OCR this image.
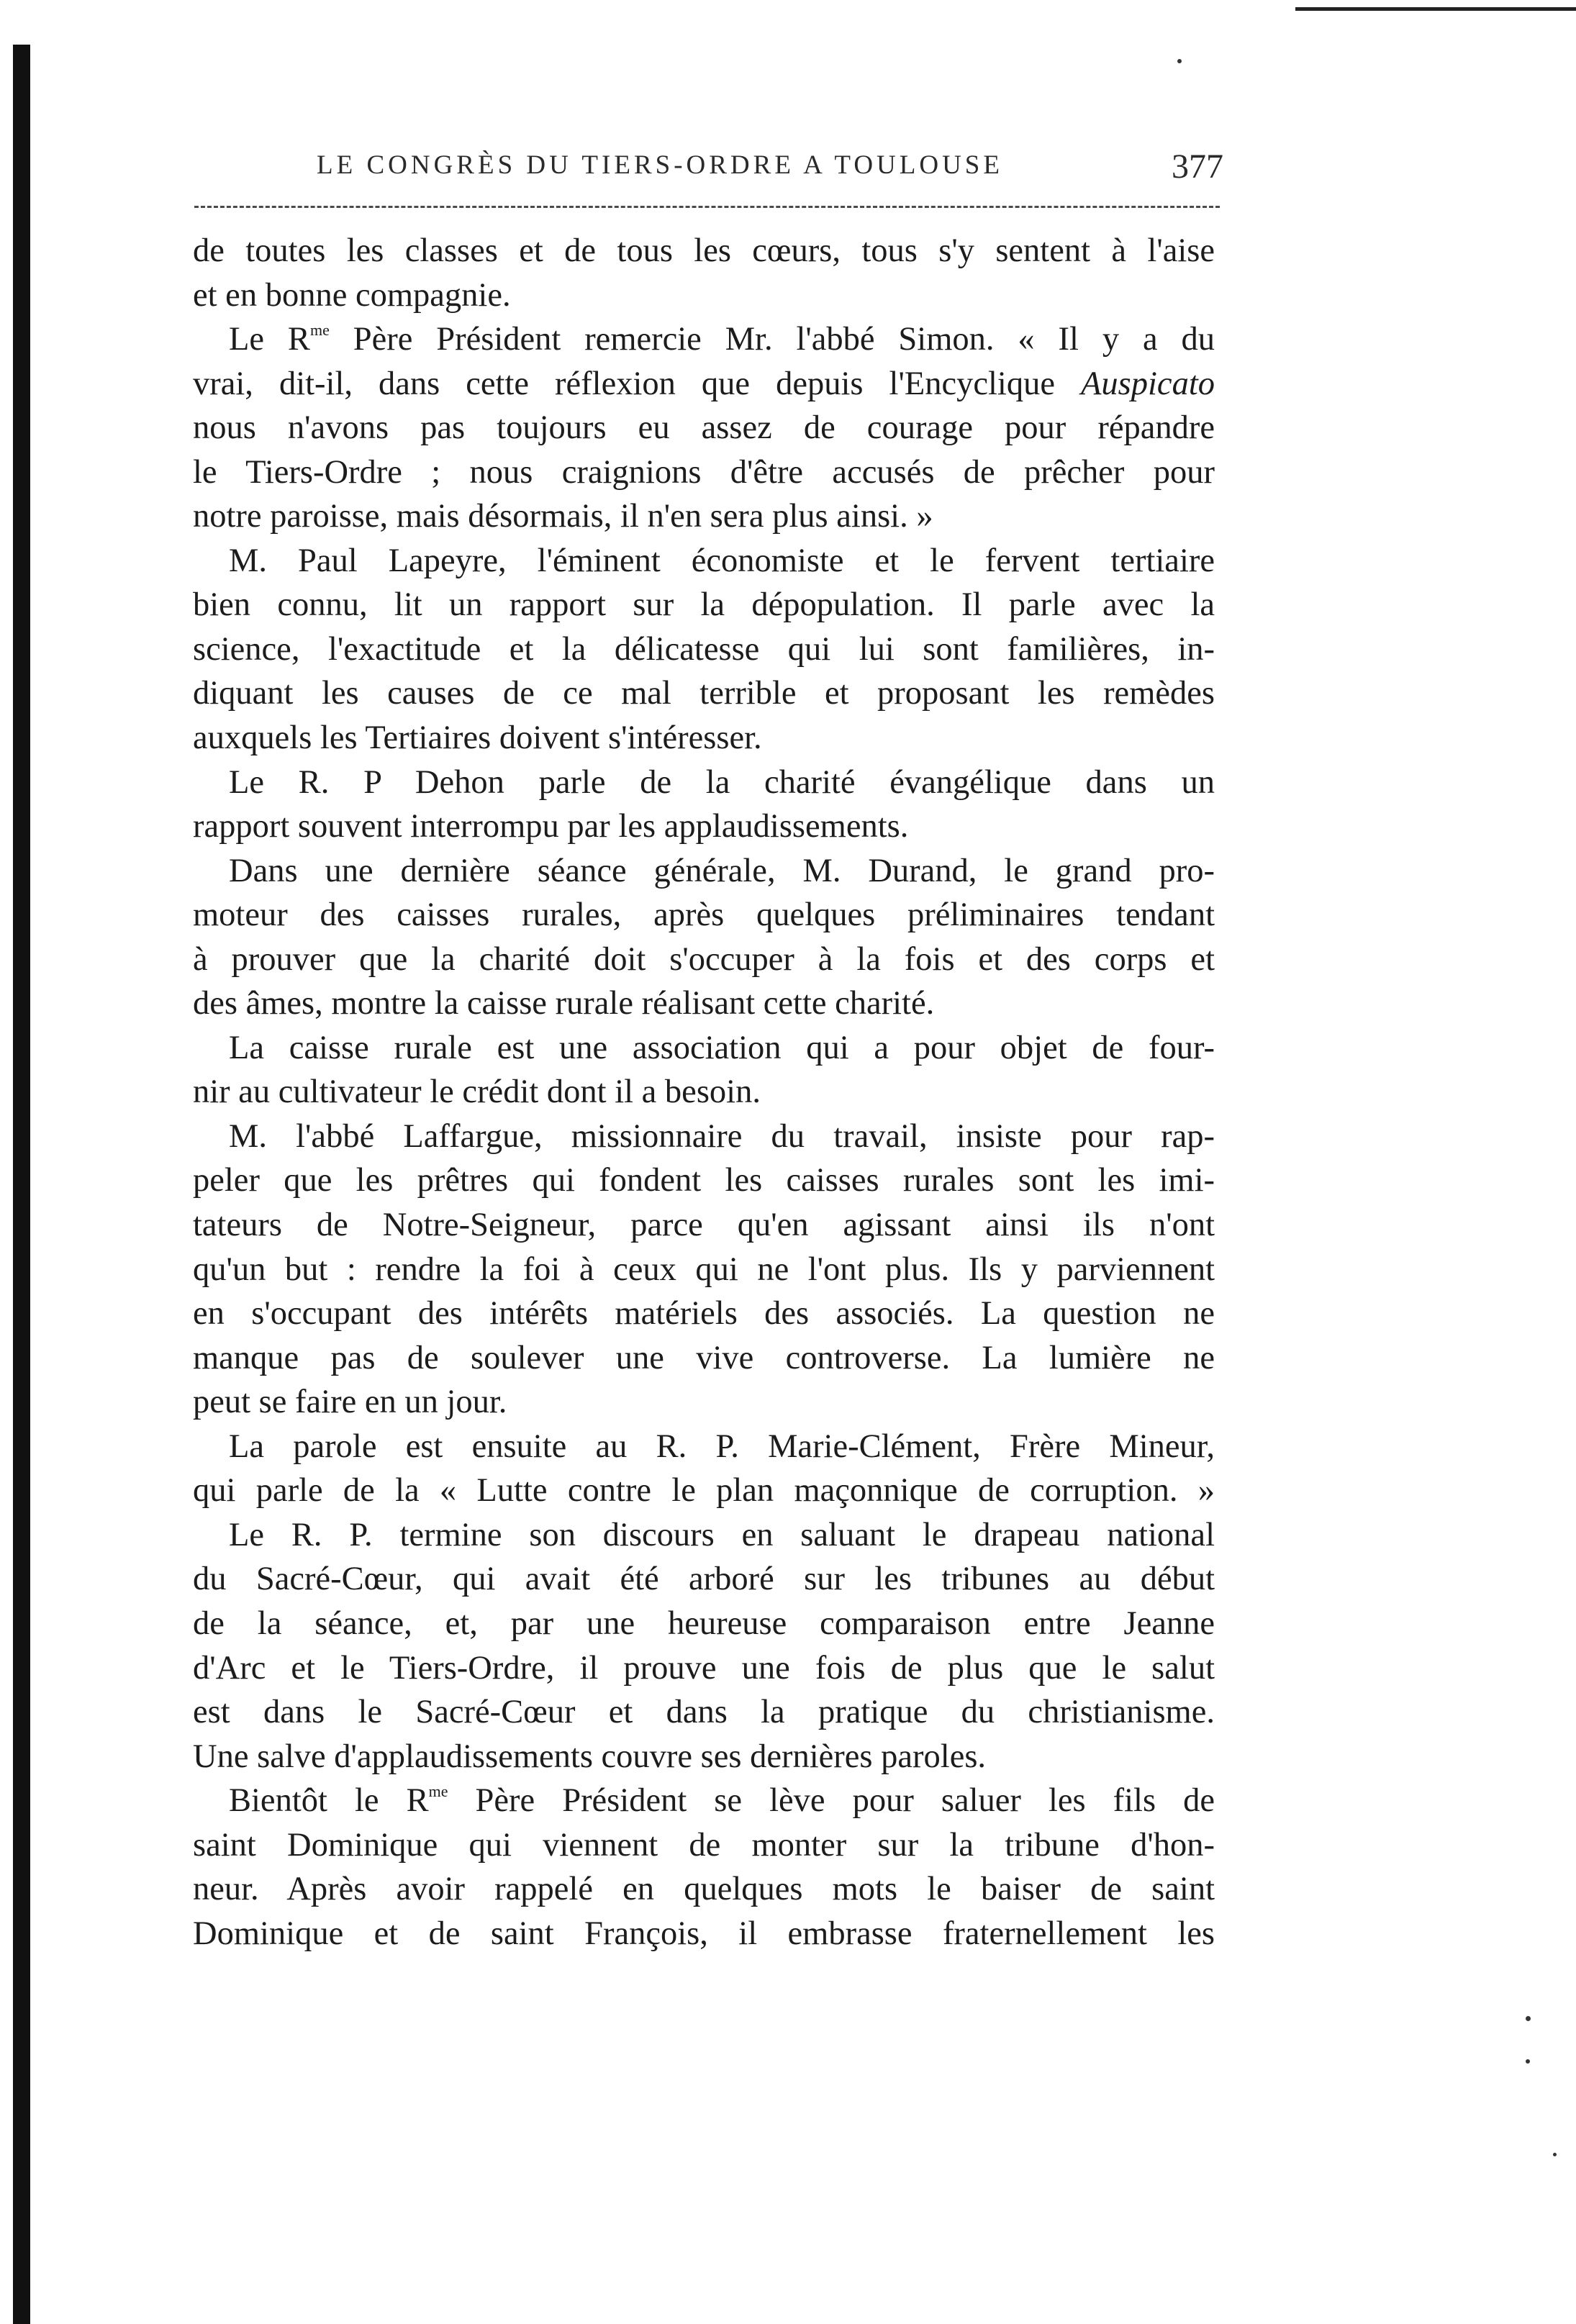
LE CONGRÈS DU TIERS-ORDRE A TOULOUSE	377
de toutes les classes et de tous les cœurs, tous s'y sentent à l'aise
et en bonne compagnie.
Le $R^{me}$ Père Président remercie Mr. l'abbé Simon. « Il y a du
vrai, dit-il, dans cette réflexion que depuis l'Encyclique Auspicato
nous n'avons pas toujours eu assez de courage pour répandre
le Tiers-Ordre ; nous craignions d'être accusés de prêcher pour
notre paroisse, mais désormais, il n'en sera plus ainsi. »
M. Paul Lapeyre, l'éminent économiste et le fervent tertiaire
bien connu, lit un rapport sur la dépopulation. Il parle avec la
science, l'exactitude et la délicatesse qui lui sont familières, in-
diquant les causes de ce mal terrible et proposant les remèdes
auxquels les Tertiaires doivent s'intéresser.
Le R. P Dehon parle de la charité évangélique dans un
rapport souvent interrompu par les applaudissements.
Dans une dernière séance générale, M. Durand, le grand pro-
moteur des caisses rurales, après quelques préliminaires tendant
à prouver que la charité doit s'occuper à la fois et des corps et
des âmes, montre la caisse rurale réalisant cette charité.
La caisse rurale est une association qui a pour objet de four-
nir au cultivateur le crédit dont il a besoin.
M. l'abbé Laffargue, missionnaire du travail, insiste pour rap-
peler que les prêtres qui fondent les caisses rurales sont les imi-
tateurs de Notre-Seigneur, parce qu'en agissant ainsi ils n'ont
qu'un but : rendre la foi à ceux qui ne l'ont plus. Ils y parviennent
en s'occupant des intérêts matériels des associés. La question ne
manque pas de soulever une vive controverse. La lumière ne
peut se faire en un jour.
La parole est ensuite au R. P. Marie-Clément, Frère Mineur,
qui parle de la « Lutte contre le plan maçonnique de corruption. »
Le R. P. termine son discours en saluant le drapeau national
du Sacré-Cœur, qui avait été arboré sur les tribunes au début
de la séance, et, par une heureuse comparaison entre Jeanne
d'Arc et le Tiers-Ordre, il prouve une fois de plus que le salut
est dans le Sacré-Cœur et dans la pratique du christianisme.
Une salve d'applaudissements couvre ses dernières paroles.
Bientôt le $R^{me}$ Père Président se lève pour saluer les fils de
saint Dominique qui viennent de monter sur la tribune d'hon-
neur. Après avoir rappelé en quelques mots le baiser de saint
Dominique et de saint François, il embrasse fraternellement les
